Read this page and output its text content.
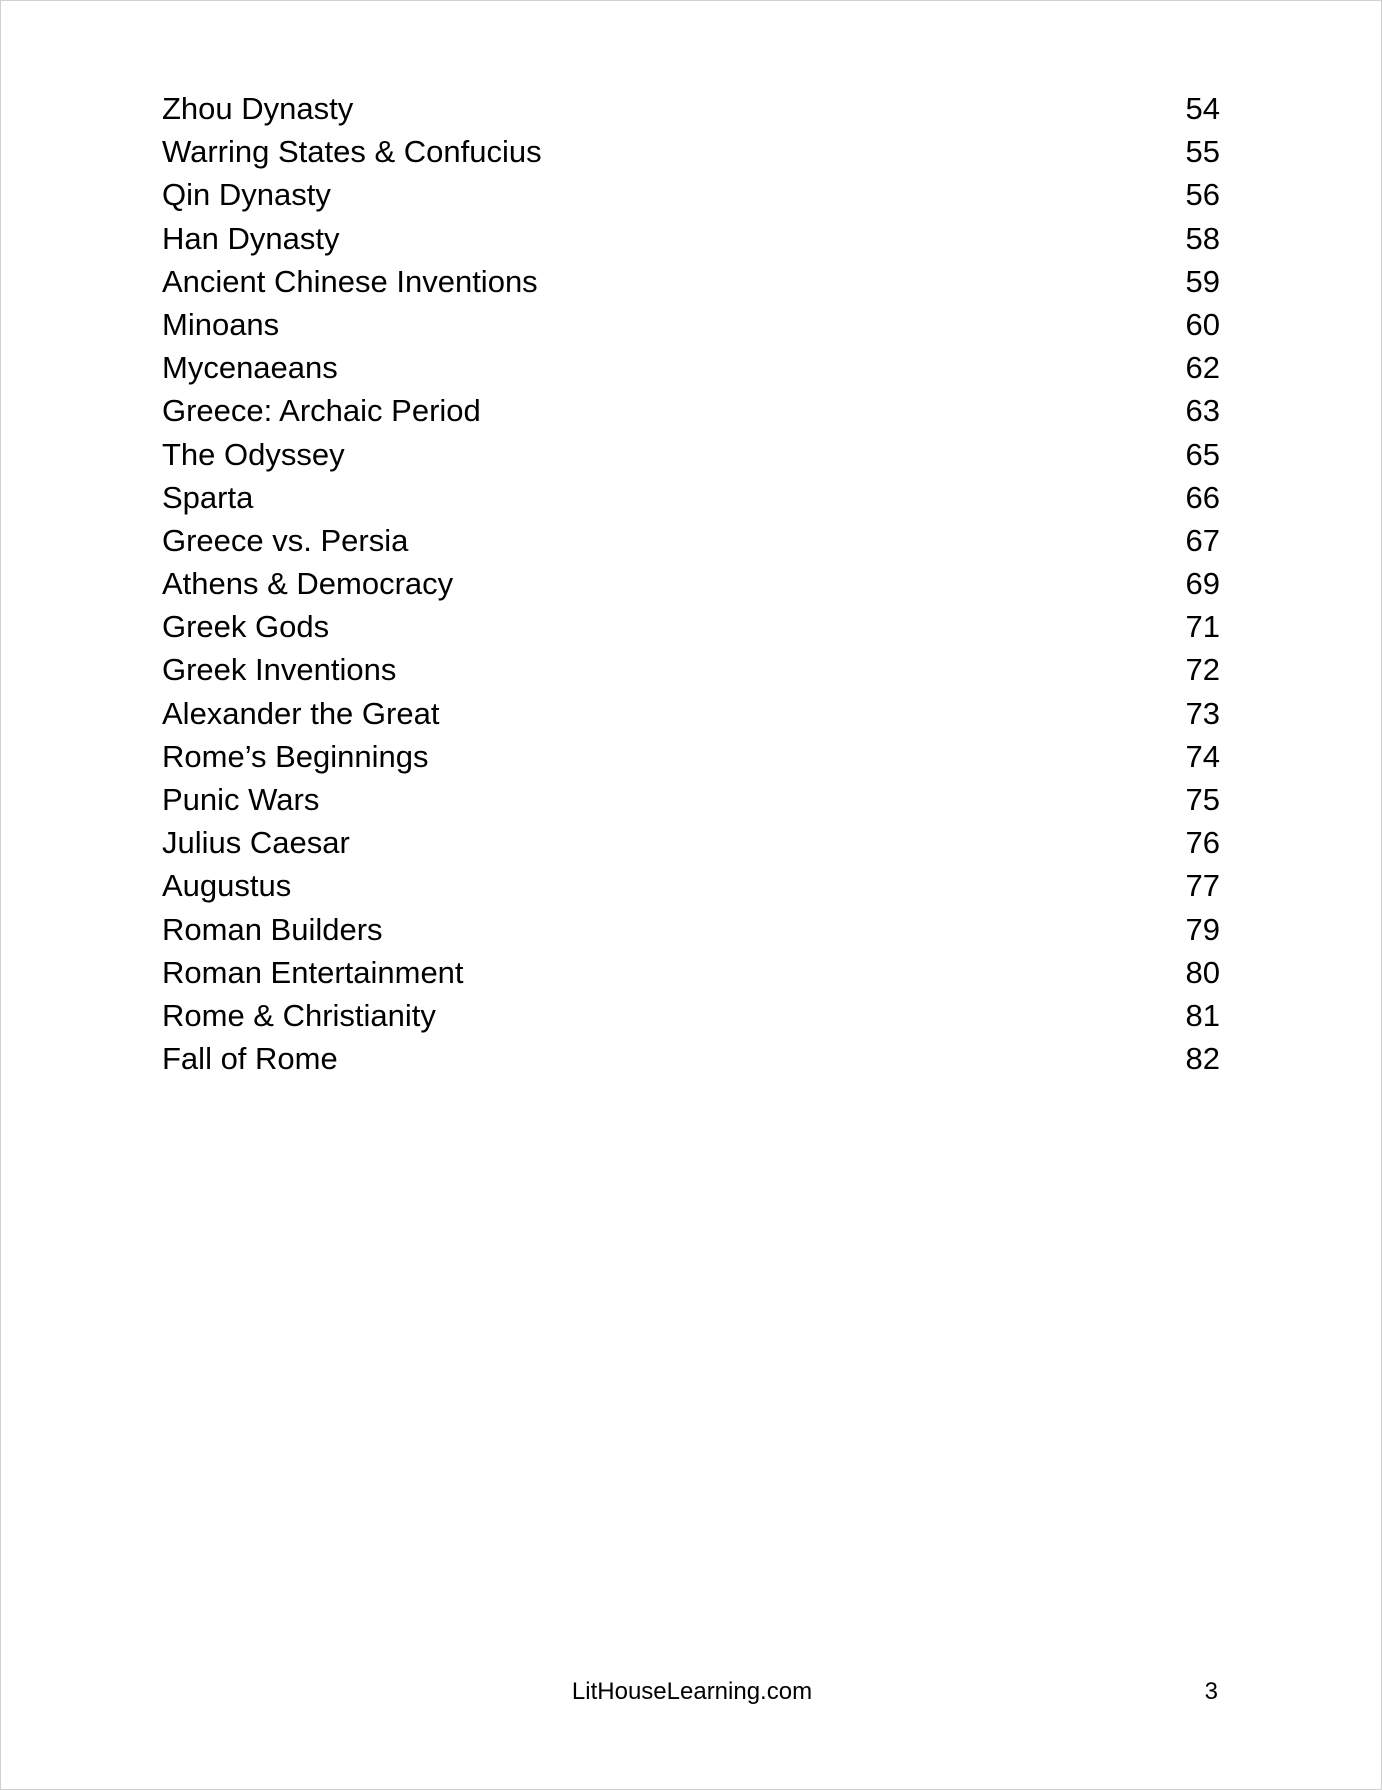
Zhou Dynasty	54
Warring States & Confucius	55
Qin Dynasty	56
Han Dynasty	58
Ancient Chinese Inventions	59
Minoans	60
Mycenaeans	62
Greece: Archaic Period	63
The Odyssey	65
Sparta	66
Greece vs. Persia	67
Athens & Democracy	69
Greek Gods	71
Greek Inventions	72
Alexander the Great	73
Rome’s Beginnings	74
Punic Wars	75
Julius Caesar	76
Augustus	77
Roman Builders	79
Roman Entertainment	80
Rome & Christianity	81
Fall of Rome	82
LitHouseLearning.com	3
